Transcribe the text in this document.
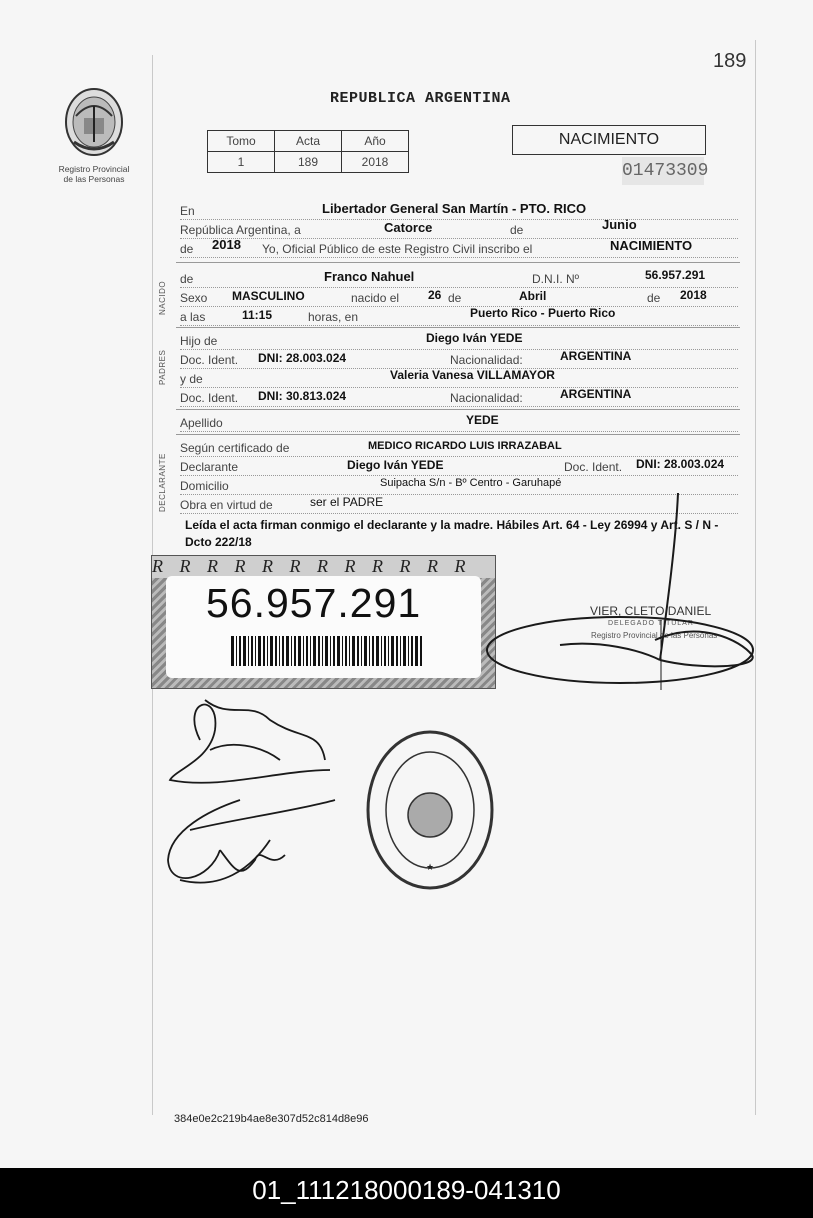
189
Registro Provincial
de las Personas
REPUBLICA ARGENTINA
Tomo	Acta	Año
1	189	2018
NACIMIENTO
01473309
En	Libertador General San Martín - PTO. RICO
República Argentina, a	Catorce	de	Junio
de 2018 Yo, Oficial Público de este Registro Civil inscribo el	NACIMIENTO
NACIDO
de	Franco Nahuel	D.N.I. Nº	56.957.291
Sexo MASCULINO	nacido el 26 de	Abril	de 2018
a las	11:15	horas, en	Puerto Rico - Puerto Rico
PADRES
Hijo de	Diego Iván YEDE
Doc. Ident. DNI: 28.003.024	Nacionalidad:	ARGENTINA
y de	Valeria Vanesa VILLAMAYOR
Doc. Ident. DNI: 30.813.024	Nacionalidad:	ARGENTINA
Apellido	YEDE
DECLARANTE
Según certificado de	MEDICO RICARDO LUIS IRRAZABAL
Declarante	Diego Iván YEDE	Doc. Ident. DNI: 28.003.024
Domicilio	Suipacha S/n - Bº Centro - Garuhapé
Obra en virtud de	ser el PADRE
Leída el acta firman conmigo el declarante y la madre. Hábiles Art. 64 - Ley 26994 y Art. S / N - Dcto 222/18
R R R R R R R R R R R R
56.957.291	VIER, CLETO DANIEL
DELEGADO TITULAR
Registro Provincial de las Personas
★
384e0e2c219b4ae8e307d52c814d8e96
01_111218000189-041310
